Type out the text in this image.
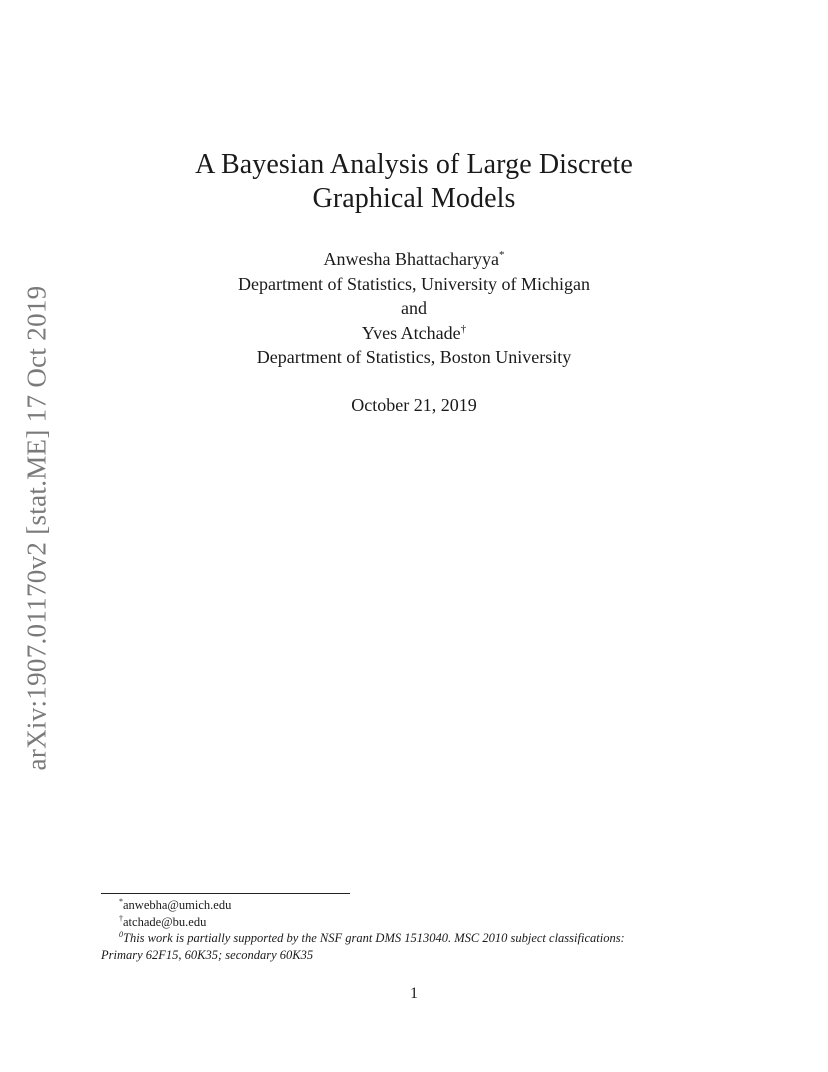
arXiv:1907.01170v2 [stat.ME] 17 Oct 2019
A Bayesian Analysis of Large Discrete
Graphical Models
Anwesha Bhattacharyya*
Department of Statistics, University of Michigan
and
Yves Atchade†
Department of Statistics, Boston University
October 21, 2019
*anwebha@umich.edu
†atchade@bu.edu
$^0$This work is partially supported by the NSF grant DMS 1513040. MSC 2010 subject classifications:
Primary 62F15, 60K35; secondary 60K35
1
